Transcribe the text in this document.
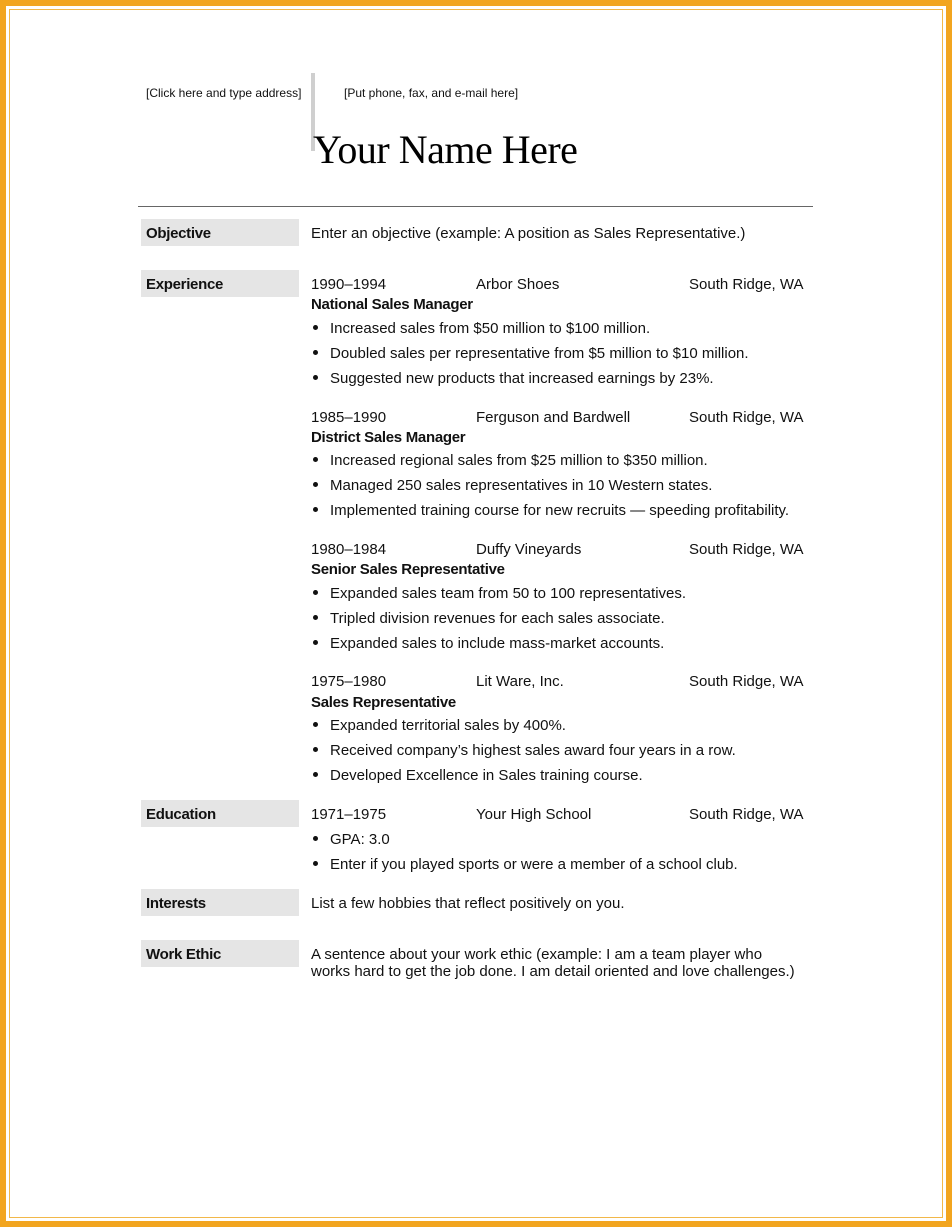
[Click here and type address]	[Put phone, fax, and e-mail here]
Your Name Here
Objective	Enter an objective (example: A position as Sales Representative.)
Experience	1990–1994	Arbor Shoes	South Ridge, WA
National Sales Manager
Increased sales from $50 million to $100 million.
Doubled sales per representative from $5 million to $10 million.
Suggested new products that increased earnings by 23%.
1985–1990	Ferguson and Bardwell	South Ridge, WA
District Sales Manager
Increased regional sales from $25 million to $350 million.
Managed 250 sales representatives in 10 Western states.
Implemented training course for new recruits — speeding profitability.
1980–1984	Duffy Vineyards	South Ridge, WA
Senior Sales Representative
Expanded sales team from 50 to 100 representatives.
Tripled division revenues for each sales associate.
Expanded sales to include mass-market accounts.
1975–1980	Lit Ware, Inc.	South Ridge, WA
Sales Representative
Expanded territorial sales by 400%.
Received company’s highest sales award four years in a row.
Developed Excellence in Sales training course.
Education	1971–1975	Your High School	South Ridge, WA
GPA: 3.0
Enter if you played sports or were a member of a school club.
Interests	List a few hobbies that reflect positively on you.
Work Ethic	A sentence about your work ethic (example: I am a team player who
works hard to get the job done. I am detail oriented and love challenges.)
